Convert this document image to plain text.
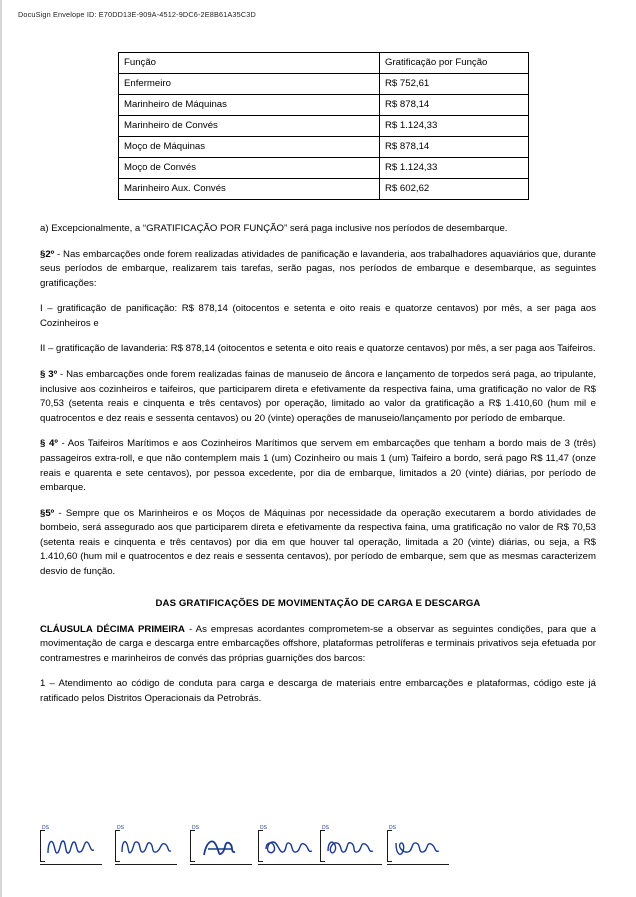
DocuSign Envelope ID: E70DD13E-909A-4512-9DC6-2E8B61A35C3D
Função	Gratificação por Função
Enfermeiro	R$ 752,61
Marinheiro de Máquinas	R$ 878,14
Marinheiro de Convés	R$ 1.124,33
Moço de Máquinas	R$ 878,14
Moço de Convés	R$ 1.124,33
Marinheiro Aux. Convés	R$ 602,62

a) Excepcionalmente, a “GRATIFICAÇÃO POR FUNÇÃO” será paga inclusive nos períodos de desembarque.

§2º - Nas embarcações onde forem realizadas atividades de panificação e lavanderia, aos trabalhadores aquaviários que, durante seus períodos de embarque, realizarem tais tarefas, serão pagas, nos períodos de embarque e desembarque, as seguintes gratificações:

I – gratificação de panificação: R$ 878,14 (oitocentos e setenta e oito reais e quatorze centavos) por mês, a ser paga aos Cozinheiros e

II – gratificação de lavanderia: R$ 878,14 (oitocentos e setenta e oito reais e quatorze centavos) por mês, a ser paga aos Taifeiros.

§ 3º - Nas embarcações onde forem realizadas fainas de manuseio de âncora e lançamento de torpedos será paga, ao tripulante, inclusive aos cozinheiros e taifeiros, que participarem direta e efetivamente da respectiva faina, uma gratificação no valor de R$ 70,53 (setenta reais e cinquenta e três centavos) por operação, limitado ao valor da gratificação a R$ 1.410,60 (hum mil e quatrocentos e dez reais e sessenta centavos) ou 20 (vinte) operações de manuseio/lançamento por período de embarque.

§ 4º - Aos Taifeiros Marítimos e aos Cozinheiros Marítimos que servem em embarcações que tenham a bordo mais de 3 (três) passageiros extra-roll, e que não contemplem mais 1 (um) Cozinheiro ou mais 1 (um) Taifeiro a bordo, será pago R$ 11,47 (onze reais e quarenta e sete centavos), por pessoa excedente, por dia de embarque, limitados a 20 (vinte) diárias, por período de embarque.

§5º - Sempre que os Marinheiros e os Moços de Máquinas por necessidade da operação executarem a bordo atividades de bombeio, será assegurado aos que participarem direta e efetivamente da respectiva faina, uma gratificação no valor de R$ 70,53 (setenta reais e cinquenta e três centavos) por dia em que houver tal operação, limitada a 20 (vinte) diárias, ou seja, a R$ 1.410,60 (hum mil e quatrocentos e dez reais e sessenta centavos), por período de embarque, sem que as mesmas caracterizem desvio de função.

DAS GRATIFICAÇÕES DE MOVIMENTAÇÃO DE CARGA E DESCARGA

CLÁUSULA DÉCIMA PRIMEIRA - As empresas acordantes comprometem-se a observar as seguintes condições, para que a movimentação de carga e descarga entre embarcações offshore, plataformas petrolíferas e terminais privativos seja efetuada por contramestres e marinheiros de convés das próprias guarnições dos barcos:

1 – Atendimento ao código de conduta para carga e descarga de materiais entre embarcações e plataformas, código este já ratificado pelos Distritos Operacionais da Petrobrás.

DS	DS	DS	DS	DS	DS
